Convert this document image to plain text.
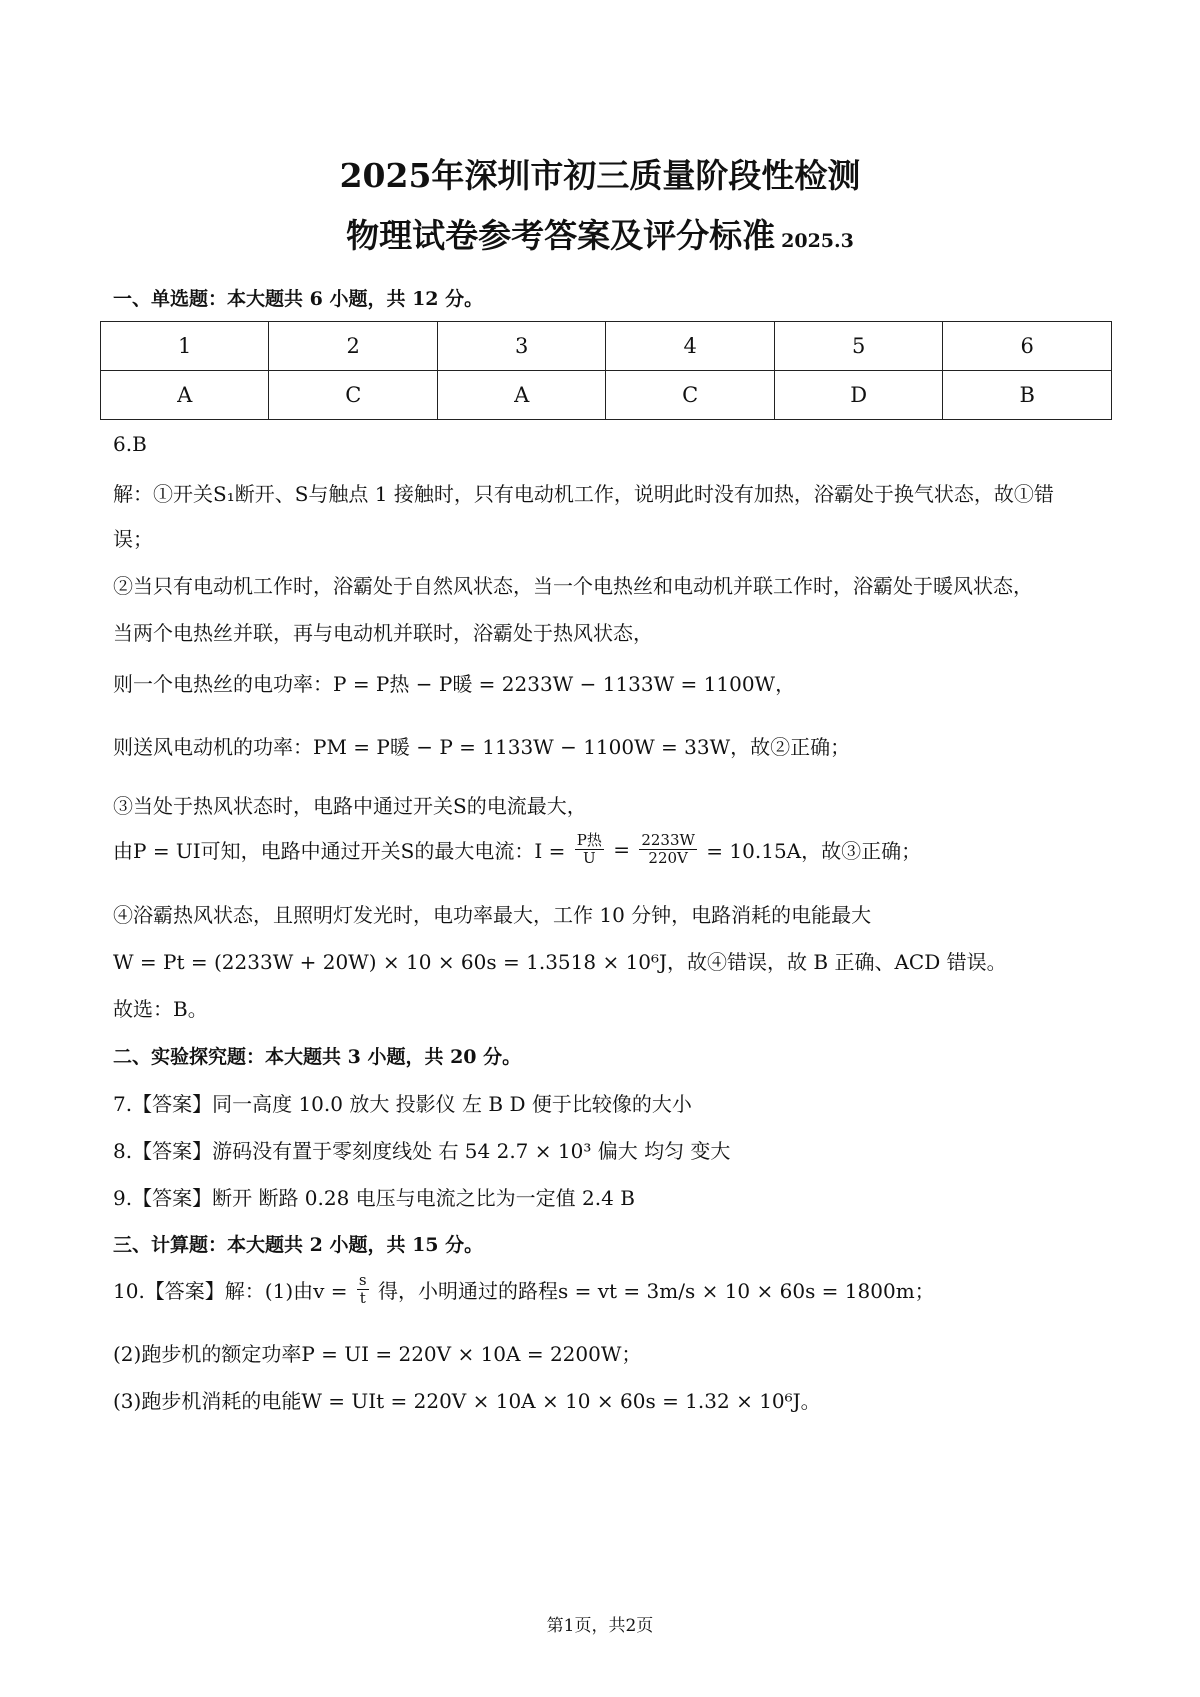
2025年深圳市初三质量阶段性检测
物理试卷参考答案及评分标准 2025.3
一、单选题：本大题共 6 小题，共 12 分。
1	2	3	4	5	6
A	C	A	C	D	B
6.B
解：①开关S₁断开、S与触点 1 接触时，只有电动机工作，说明此时没有加热，浴霸处于换气状态，故①错
误；
②当只有电动机工作时，浴霸处于自然风状态，当一个电热丝和电动机并联工作时，浴霸处于暖风状态，
当两个电热丝并联，再与电动机并联时，浴霸处于热风状态，
则一个电热丝的电功率：P = P热 − P暖 = 2233W − 1133W = 1100W，
则送风电动机的功率：PM = P暖 − P = 1133W − 1100W = 33W，故②正确；
③当处于热风状态时，电路中通过开关S的电流最大，
由P = UI可知，电路中通过开关S的最大电流：$I = \frac{\text{P热}}{U} = \frac{2233W}{220V} = 10.15A$，故③正确；
④浴霸热风状态，且照明灯发光时，电功率最大，工作 10 分钟，电路消耗的电能最大
W = Pt = (2233W + 20W) × 10 × 60s = 1.3518 × 10⁶J，故④错误，故 B 正确、ACD 错误。
故选：B。
二、实验探究题：本大题共 3 小题，共 20 分。
7.【答案】同一高度 10.0 放大 投影仪 左 B D 便于比较像的大小
8.【答案】游码没有置于零刻度线处 右 54 2.7 × 10³ 偏大 均匀 变大
9.【答案】断开 断路 0.28 电压与电流之比为一定值 2.4 B
三、计算题：本大题共 2 小题，共 15 分。
10.【答案】解：(1)由$v = \frac{s}{t}$ 得，小明通过的路程s = vt = 3m/s × 10 × 60s = 1800m；
(2)跑步机的额定功率P = UI = 220V × 10A = 2200W；
(3)跑步机消耗的电能W = UIt = 220V × 10A × 10 × 60s = 1.32 × 10⁶J。
第1页，共2页
